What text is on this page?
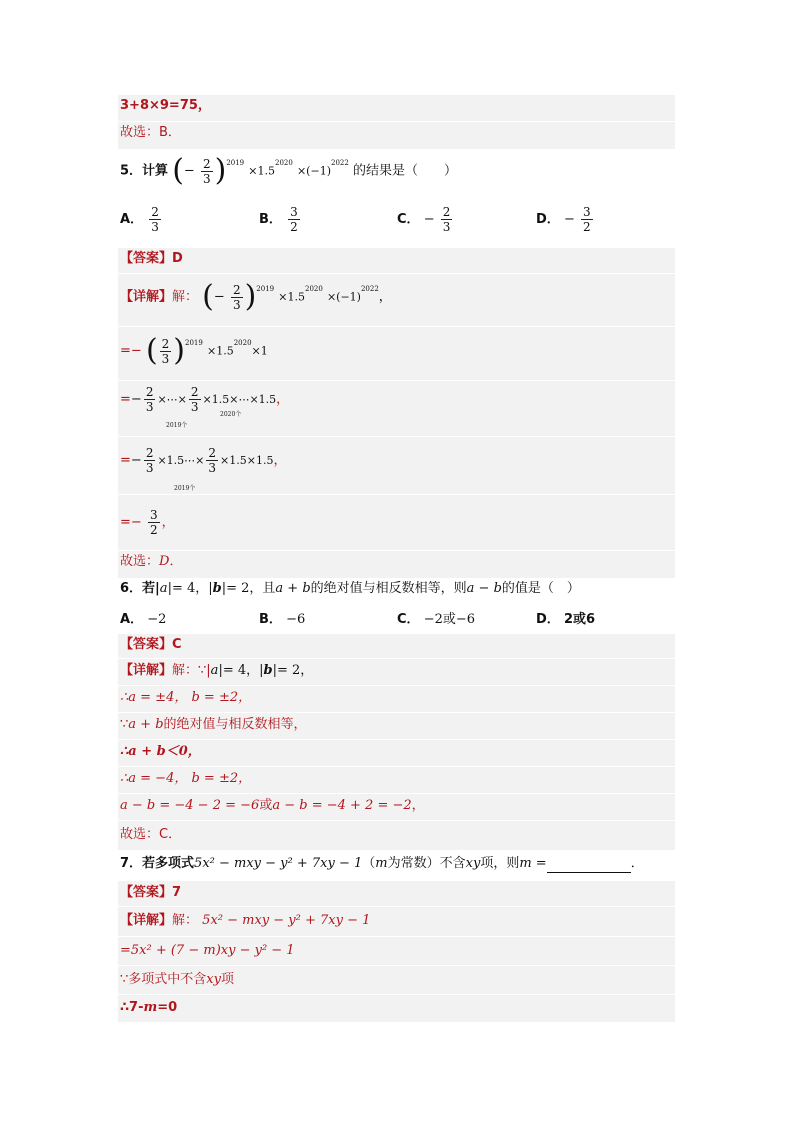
3+8×9=75，
故选：B．
5．计算 (− $\frac{2}{3} )^{2019} \times 1.5^{2020} \times(-1)^{2022}$ 的结果是（　　）
A． $\frac{2}{3}$	B． $\frac{3}{2}$	C． − $\frac{2}{3}$	D． − $\frac{3}{2}$
【答案】D
【详解】解： (− $\frac{2}{3} )^{2019} \times 1.5^{2020} \times(-1)^{2022}$，
=− ( $\frac{2}{3} )^{2019} \times 1.5^{2020}\times 1$
=− $\frac{2}{3}$ ×⋯× $\frac{2}{3}$ ×1.5×⋯×1.5，
2019个
2020个
=− $\frac{2}{3}$ ×1.5⋯× $\frac{2}{3} \times 1.5\times 1.5$，
2019个
=− $\frac{3}{2}$ ，
故选：D．
6．若|a|= 4，|b|= 2，且a + b的绝对值与相反数相等，则a − b的值是（　）
A． −2	B． −6	C． −2或−6	D． 2或6
【答案】C
【详解】解：∵|a|= 4，|b|= 2，
∴a = ±4， b = ±2，
∵a + b的绝对值与相反数相等，
∴a + b＜0，
∴a = −4， b = ±2，
a − b = −4 − 2 = −6或a − b = −4 + 2 = −2，
故选：C．
7．若多项式5x² − mxy − y² + 7xy − 1（m为常数）不含xy项，则m =	．
【答案】7
【详解】解： 5x² − mxy − y² + 7xy − 1
=5x² + (7 − m)xy − y² − 1
∵多项式中不含xy项
∴7-m=0
